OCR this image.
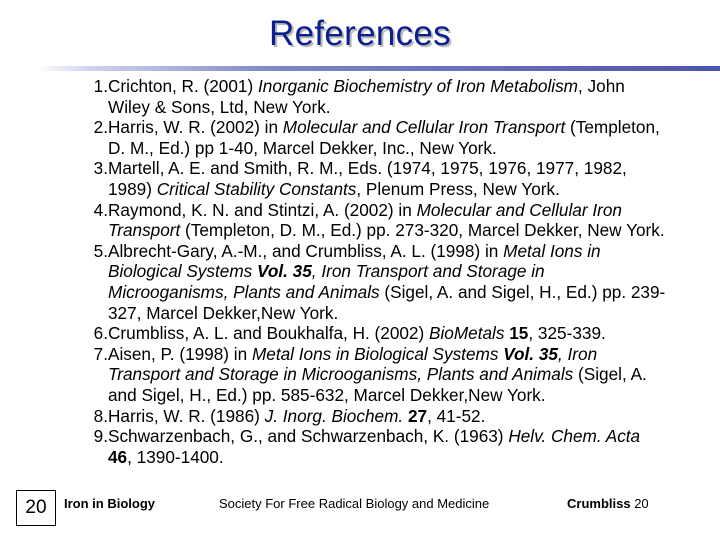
References
1. Crichton, R. (2001) Inorganic Biochemistry of Iron Metabolism, John Wiley & Sons, Ltd, New York.
2. Harris, W. R. (2002) in Molecular and Cellular Iron Transport (Templeton, D. M., Ed.) pp 1-40, Marcel Dekker, Inc., New York.
3. Martell, A. E. and Smith, R. M., Eds. (1974, 1975, 1976, 1977, 1982, 1989) Critical Stability Constants, Plenum Press, New York.
4. Raymond, K. N. and Stintzi, A. (2002) in Molecular and Cellular Iron Transport (Templeton, D. M., Ed.) pp. 273-320, Marcel Dekker, New York.
5. Albrecht-Gary, A.-M., and Crumbliss, A. L. (1998) in Metal Ions in Biological Systems Vol. 35, Iron Transport and Storage in Microoganisms, Plants and Animals (Sigel, A. and Sigel, H., Ed.) pp. 239-327, Marcel Dekker,New York.
6. Crumbliss, A. L. and Boukhalfa, H. (2002) BioMetals 15, 325-339.
7. Aisen, P. (1998) in Metal Ions in Biological Systems Vol. 35, Iron Transport and Storage in Microoganisms, Plants and Animals (Sigel, A. and Sigel, H., Ed.) pp. 585-632, Marcel Dekker,New York.
8. Harris, W. R. (1986) J. Inorg. Biochem. 27, 41-52.
9. Schwarzenbach, G., and Schwarzenbach, K. (1963) Helv. Chem. Acta 46, 1390-1400.
20	Iron in Biology	Society For Free Radical Biology and Medicine	Crumbliss 20
